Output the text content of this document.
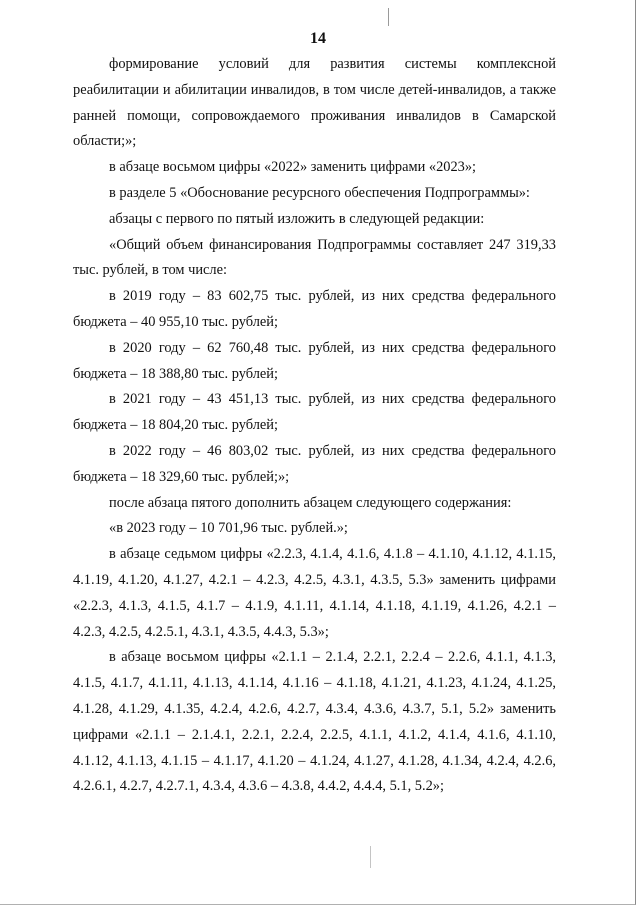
14

формирование условий для развития системы комплексной реабилитации и абилитации инвалидов, в том числе детей-инвалидов, а также ранней помощи, сопровождаемого проживания инвалидов в Самарской области;»;

в абзаце восьмом цифры «2022» заменить цифрами «2023»;

в разделе 5 «Обоснование ресурсного обеспечения Подпрограммы»:

абзацы с первого по пятый изложить в следующей редакции:

«Общий объем финансирования Подпрограммы составляет 247 319,33 тыс. рублей, в том числе:

в 2019 году – 83 602,75 тыс. рублей, из них средства федерального бюджета – 40 955,10 тыс. рублей;

в 2020 году – 62 760,48 тыс. рублей, из них средства федерального бюджета – 18 388,80 тыс. рублей;

в 2021 году – 43 451,13 тыс. рублей, из них средства федерального бюджета – 18 804,20 тыс. рублей;

в 2022 году – 46 803,02 тыс. рублей, из них средства федерального бюджета – 18 329,60 тыс. рублей;»;

после абзаца пятого дополнить абзацем следующего содержания:

«в 2023 году – 10 701,96 тыс. рублей.»;

в абзаце седьмом цифры «2.2.3, 4.1.4, 4.1.6, 4.1.8 – 4.1.10, 4.1.12, 4.1.15, 4.1.19, 4.1.20, 4.1.27, 4.2.1 – 4.2.3, 4.2.5, 4.3.1, 4.3.5, 5.3» заменить цифрами «2.2.3, 4.1.3, 4.1.5, 4.1.7 – 4.1.9, 4.1.11, 4.1.14, 4.1.18, 4.1.19, 4.1.26, 4.2.1 – 4.2.3, 4.2.5, 4.2.5.1, 4.3.1, 4.3.5, 4.4.3, 5.3»;

в абзаце восьмом цифры «2.1.1 – 2.1.4, 2.2.1, 2.2.4 – 2.2.6, 4.1.1, 4.1.3, 4.1.5, 4.1.7, 4.1.11, 4.1.13, 4.1.14, 4.1.16 – 4.1.18, 4.1.21, 4.1.23, 4.1.24, 4.1.25, 4.1.28, 4.1.29, 4.1.35, 4.2.4, 4.2.6, 4.2.7, 4.3.4, 4.3.6, 4.3.7, 5.1, 5.2» заменить цифрами «2.1.1 – 2.1.4.1, 2.2.1, 2.2.4, 2.2.5, 4.1.1, 4.1.2, 4.1.4, 4.1.6, 4.1.10, 4.1.12, 4.1.13, 4.1.15 – 4.1.17, 4.1.20 – 4.1.24, 4.1.27, 4.1.28, 4.1.34, 4.2.4, 4.2.6, 4.2.6.1, 4.2.7, 4.2.7.1, 4.3.4, 4.3.6 – 4.3.8, 4.4.2, 4.4.4, 5.1, 5.2»;
